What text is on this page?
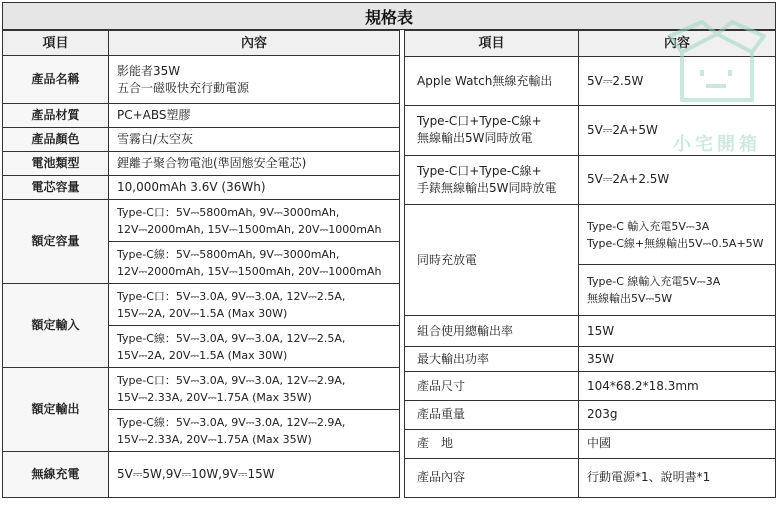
規格表
項目	內容
產品名稱	影能者35W
五合一磁吸快充行動電源

產品材質	PC+ABS塑膠
產品顏色	雪霧白/太空灰
電池類型	鋰離子聚合物電池(準固態安全電芯)
電芯容量	10,000mAh 3.6V (36Wh)
額定容量	Type-C口：5V⎓5800mAh, 9V⎓3000mAh,
12V⎓2000mAh, 15V⎓1500mAh, 20V⎓1000mAh

	Type-C線：5V⎓5800mAh, 9V⎓3000mAh,
12V⎓2000mAh, 15V⎓1500mAh, 20V⎓1000mAh

額定輸入	Type-C口：5V⎓3.0A, 9V⎓3.0A, 12V⎓2.5A,
15V⎓2A, 20V⎓1.5A (Max 30W)

	Type-C線：5V⎓3.0A, 9V⎓3.0A, 12V⎓2.5A,
15V⎓2A, 20V⎓1.5A (Max 30W)

額定輸出	Type-C口：5V⎓3.0A, 9V⎓3.0A, 12V⎓2.9A,
15V⎓2.33A, 20V⎓1.75A (Max 35W)

	Type-C線：5V⎓3.0A, 9V⎓3.0A, 12V⎓2.9A,
15V⎓2.33A, 20V⎓1.75A (Max 35W)

無線充電	5V⎓5W,9V⎓10W,9V⎓15W
項目	內容
Apple Watch無線充輸出	5V⎓2.5W

Type-C口+Type-C線+
無線輸出5W同時放電	5V⎓2A+5W

Type-C口+Type-C線+
手錶無線輸出5W同時放電	5V⎓2A+2.5W
同時充放電	Type-C 輸入充電5V⎓3A
Type-C線+無線輸出5V⎓0.5A+5W

	Type-C 線輸入充電5V⎓3A
無線輸出5V⎓5W

組合使用總輸出率	15W
最大輸出功率	35W
產品尺寸	104*68.2*18.3mm
產品重量	203g
產　地	中國
產品內容	行動電源*1、說明書*1
小宅開箱
